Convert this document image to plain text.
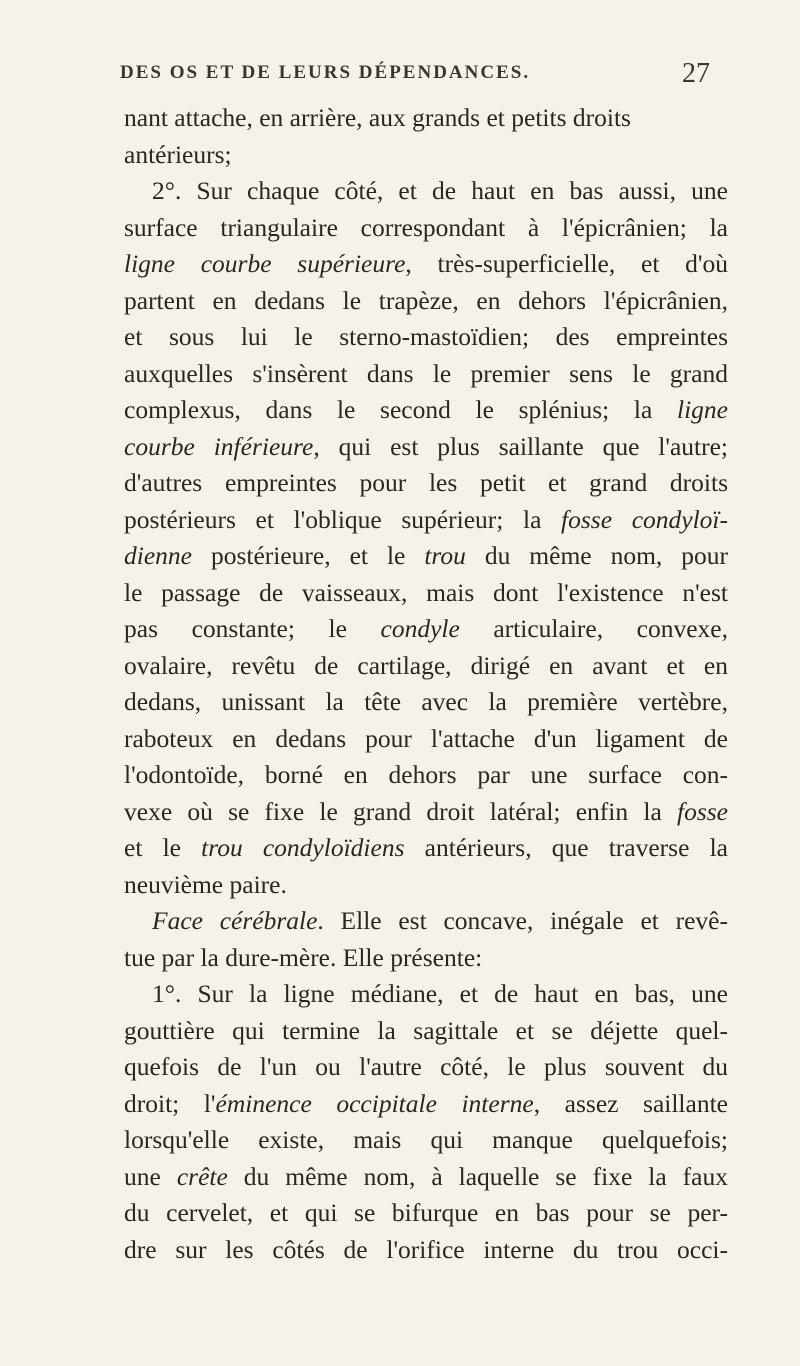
DES OS ET DE LEURS DÉPENDANCES.	27
nant attache, en arrière, aux grands et petits droits
antérieurs;
2°. Sur chaque côté, et de haut en bas aussi, une
surface triangulaire correspondant à l'épicrânien; la
ligne courbe supérieure, très-superficielle, et d'où
partent en dedans le trapèze, en dehors l'épicrânien,
et sous lui le sterno-mastoïdien; des empreintes
auxquelles s'insèrent dans le premier sens le grand
complexus, dans le second le splénius; la ligne
courbe inférieure, qui est plus saillante que l'autre;
d'autres empreintes pour les petit et grand droits
postérieurs et l'oblique supérieur; la fosse condyloï-
dienne postérieure, et le trou du même nom, pour
le passage de vaisseaux, mais dont l'existence n'est
pas constante; le condyle articulaire, convexe,
ovalaire, revêtu de cartilage, dirigé en avant et en
dedans, unissant la tête avec la première vertèbre,
raboteux en dedans pour l'attache d'un ligament de
l'odontoïde, borné en dehors par une surface con-
vexe où se fixe le grand droit latéral; enfin la fosse
et le trou condyloïdiens antérieurs, que traverse la
neuvième paire.
Face cérébrale. Elle est concave, inégale et revê-
tue par la dure-mère. Elle présente:
1°. Sur la ligne médiane, et de haut en bas, une
gouttière qui termine la sagittale et se déjette quel-
quefois de l'un ou l'autre côté, le plus souvent du
droit; l'éminence occipitale interne, assez saillante
lorsqu'elle existe, mais qui manque quelquefois;
une crête du même nom, à laquelle se fixe la faux
du cervelet, et qui se bifurque en bas pour se per-
dre sur les côtés de l'orifice interne du trou occi-
